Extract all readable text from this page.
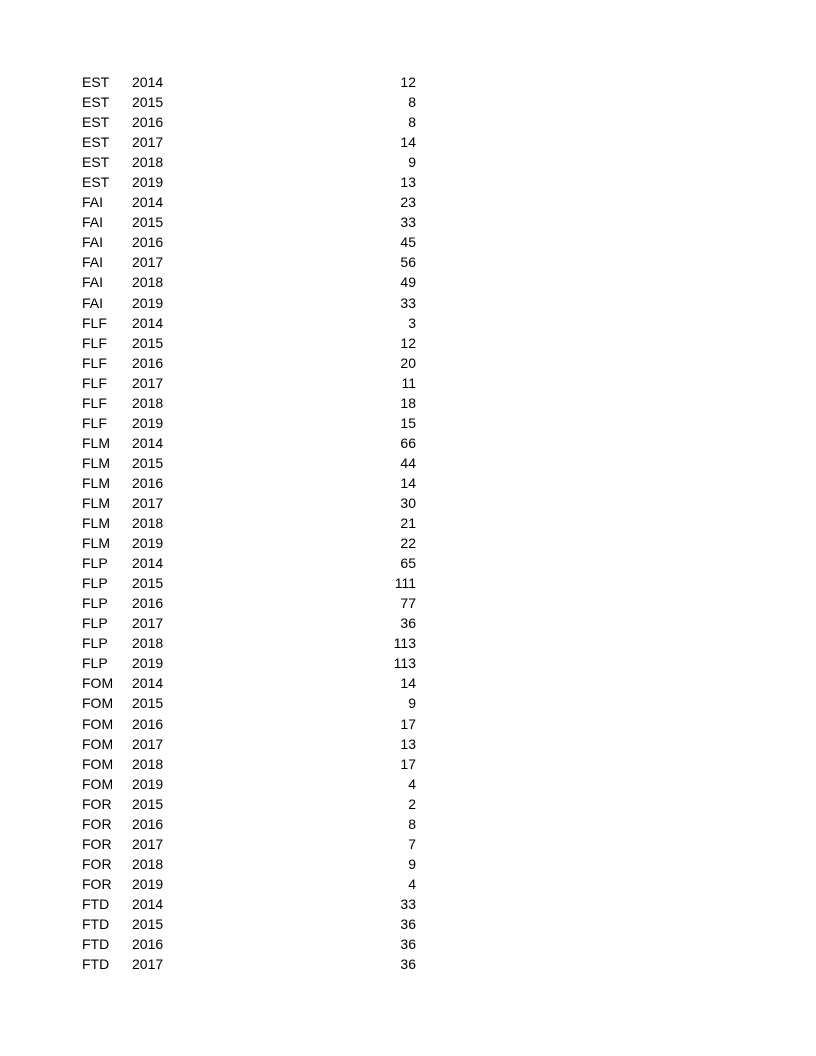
EST	2014	12
EST	2015	8
EST	2016	8
EST	2017	14
EST	2018	9
EST	2019	13
FAI	2014	23
FAI	2015	33
FAI	2016	45
FAI	2017	56
FAI	2018	49
FAI	2019	33
FLF	2014	3
FLF	2015	12
FLF	2016	20
FLF	2017	11
FLF	2018	18
FLF	2019	15
FLM	2014	66
FLM	2015	44
FLM	2016	14
FLM	2017	30
FLM	2018	21
FLM	2019	22
FLP	2014	65
FLP	2015	111
FLP	2016	77
FLP	2017	36
FLP	2018	113
FLP	2019	113
FOM	2014	14
FOM	2015	9
FOM	2016	17
FOM	2017	13
FOM	2018	17
FOM	2019	4
FOR	2015	2
FOR	2016	8
FOR	2017	7
FOR	2018	9
FOR	2019	4
FTD	2014	33
FTD	2015	36
FTD	2016	36
FTD	2017	36
